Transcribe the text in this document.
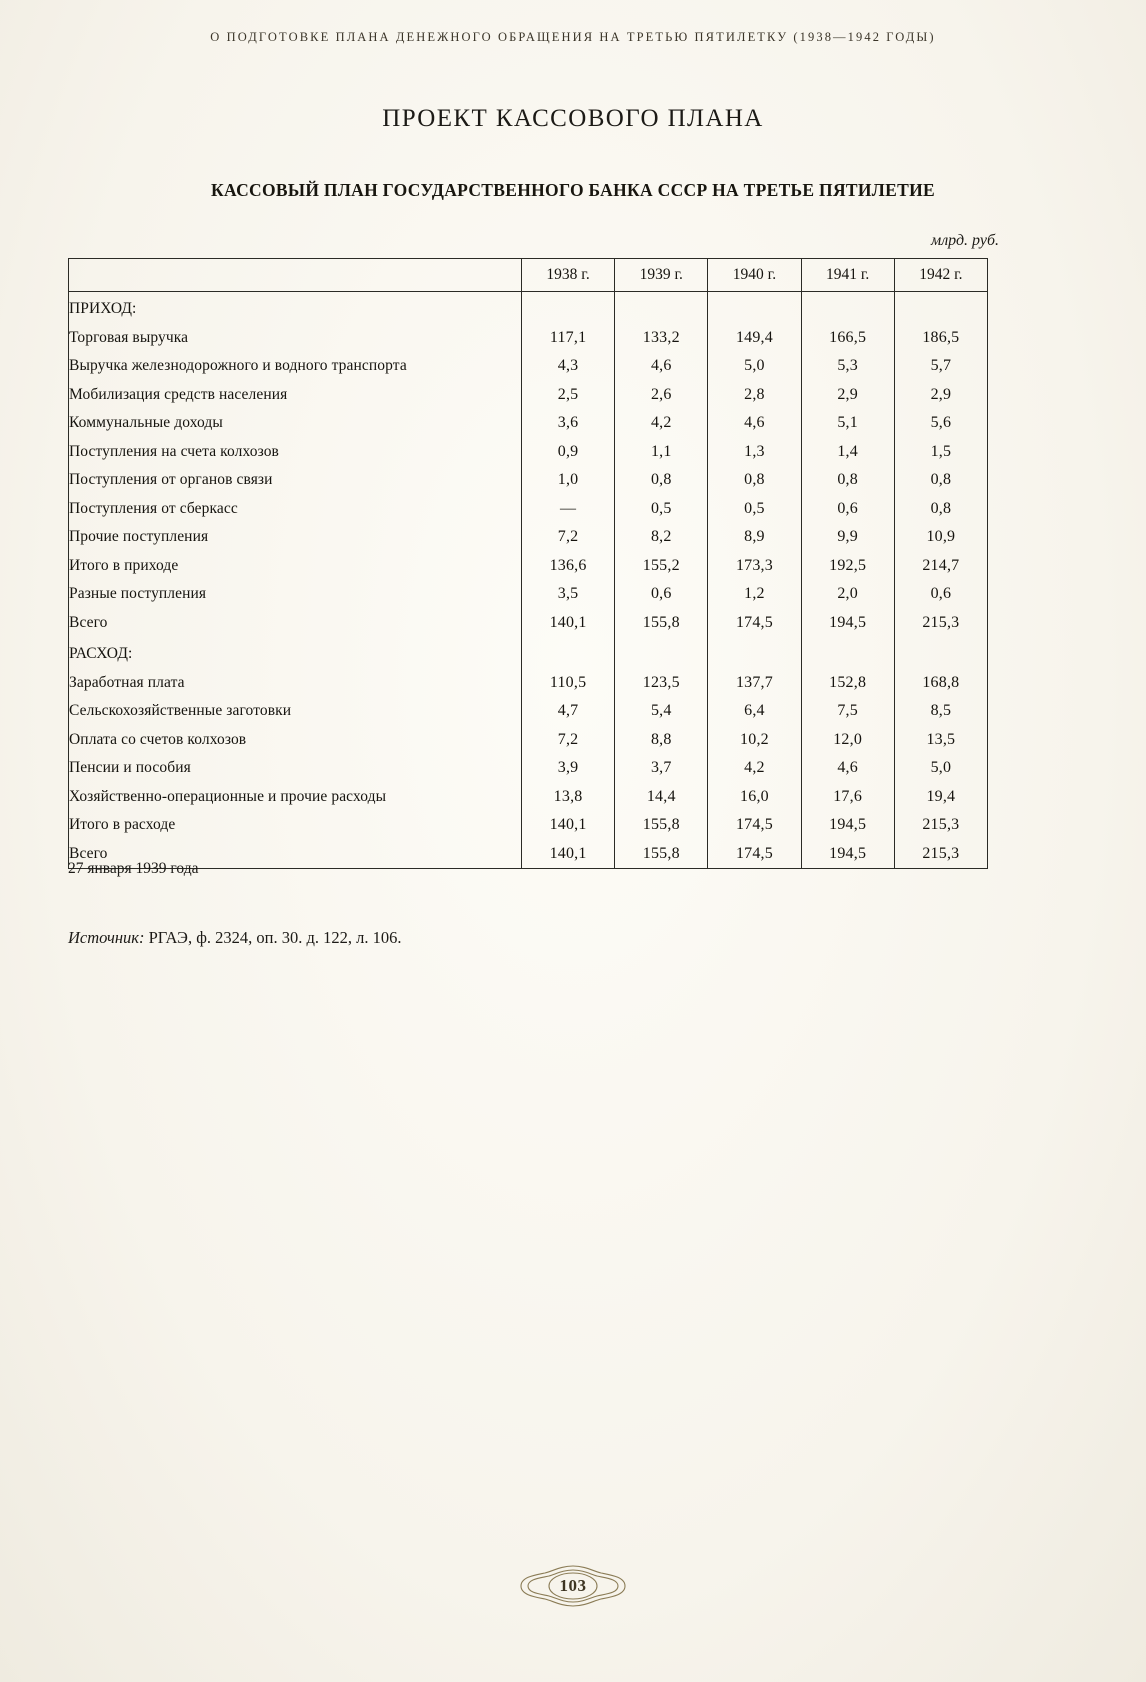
О ПОДГОТОВКЕ ПЛАНА ДЕНЕЖНОГО ОБРАЩЕНИЯ НА ТРЕТЬЮ ПЯТИЛЕТКУ (1938—1942 ГОДЫ)
ПРОЕКТ КАССОВОГО ПЛАНА
КАССОВЫЙ ПЛАН ГОСУДАРСТВЕННОГО БАНКА СССР НА ТРЕТЬЕ ПЯТИЛЕТИЕ
млрд. руб.
	1938 г.	1939 г.	1940 г.	1941 г.	1942 г.
ПРИХОД:					
Торговая выручка	117,1	133,2	149,4	166,5	186,5
Выручка железнодорожного и водного транспорта	4,3	4,6	5,0	5,3	5,7
Мобилизация средств населения	2,5	2,6	2,8	2,9	2,9
Коммунальные доходы	3,6	4,2	4,6	5,1	5,6
Поступления на счета колхозов	0,9	1,1	1,3	1,4	1,5
Поступления от органов связи	1,0	0,8	0,8	0,8	0,8
Поступления от сберкасс	—	0,5	0,5	0,6	0,8
Прочие поступления	7,2	8,2	8,9	9,9	10,9
Итого в приходе	136,6	155,2	173,3	192,5	214,7
Разные поступления	3,5	0,6	1,2	2,0	0,6
Всего	140,1	155,8	174,5	194,5	215,3
РАСХОД:					
Заработная плата	110,5	123,5	137,7	152,8	168,8
Сельскохозяйственные заготовки	4,7	5,4	6,4	7,5	8,5
Оплата со счетов колхозов	7,2	8,8	10,2	12,0	13,5
Пенсии и пособия	3,9	3,7	4,2	4,6	5,0
Хозяйственно-операционные и прочие расходы	13,8	14,4	16,0	17,6	19,4
Итого в расходе	140,1	155,8	174,5	194,5	215,3
Всего	140,1	155,8	174,5	194,5	215,3
27 января 1939 года
Источник: РГАЭ, ф. 2324, оп. 30. д. 122, л. 106.
103
